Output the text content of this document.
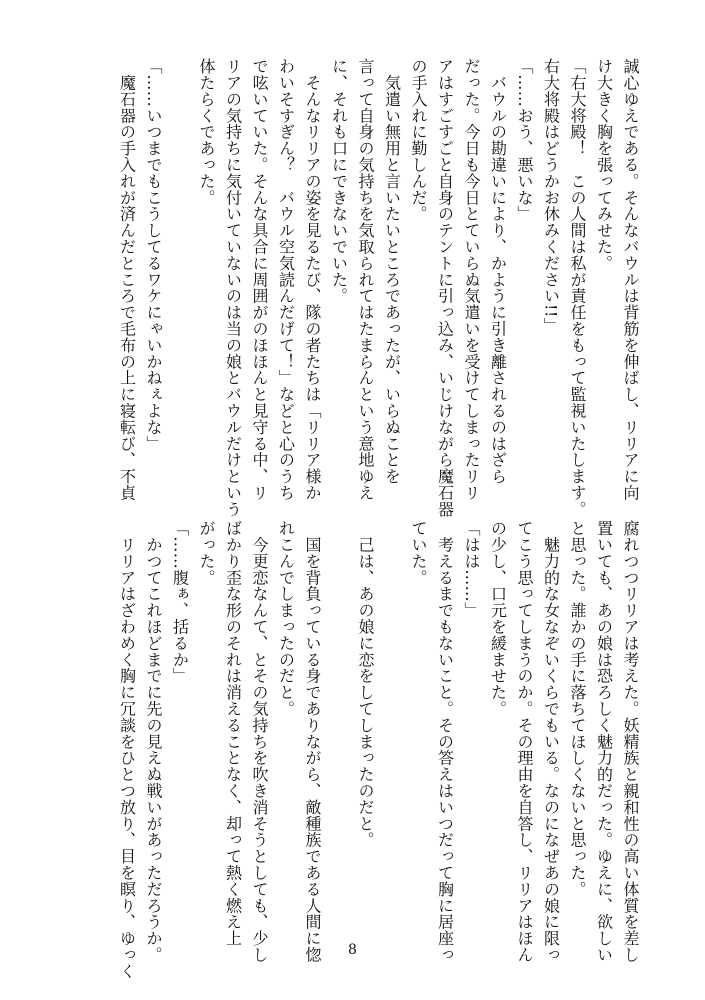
誠心ゆえである。そんなバウルは背筋を伸ばし、リリアに向
け大きく胸を張ってみせた。
「右大将殿！　この人間は私が責任をもって監視いたします。
右大将殿はどうかお休みください!!」
「……おう、悪いな」
　バウルの勘違いにより、かように引き離されるのはざら
だった。今日も今日とていらぬ気遣いを受けてしまったリリ
アはすごすごと自身のテントに引っ込み、いじけながら魔石器
の手入れに勤しんだ。
　気遣い無用と言いたいところであったが、いらぬことを
言って自身の気持ちを気取られてはたまらんという意地ゆえ
に、それも口にできないでいた。
　そんなリリアの姿を見るたび、隊の者たちは「リリア様か
わいそすぎん？　バウル空気読んだげて！」などと心のうち
で呟いていた。そんな具合に周囲がのほほんと見守る中、リ
リアの気持ちに気付いていないのは当の娘とバウルだけという
体たらくであった。
「……いつまでもこうしてるワケにゃいかねぇよな」
　魔石器の手入れが済んだところで毛布の上に寝転び、不貞
腐れつつリリアは考えた。妖精族と親和性の高い体質を差し
置いても、あの娘は恐ろしく魅力的だった。ゆえに、欲しい
と思った。誰かの手に落ちてほしくないと思った。
　魅力的な女なぞいくらでもいる。なのになぜあの娘に限っ
てこう思ってしまうのか。その理由を自答し、リリアはほん
の少し、口元を緩ませた。
「はは……」
　考えるまでもないこと。その答えはいつだって胸に居座っ
ていた。
　己は、あの娘に恋をしてしまったのだと。
　国を背負っている身でありながら、敵種族である人間に惚
れこんでしまったのだと。
　今更恋なんて、とその気持ちを吹き消そうとしても、少し
ばかり歪な形のそれは消えることなく、却って熱く燃え上
がった。
「……腹ぁ、括るか」
　かつてこれほどまでに先の見えぬ戦いがあっただろうか。
　リリアはざわめく胸に冗談をひとつ放り、目を瞑り、ゆっく	8
